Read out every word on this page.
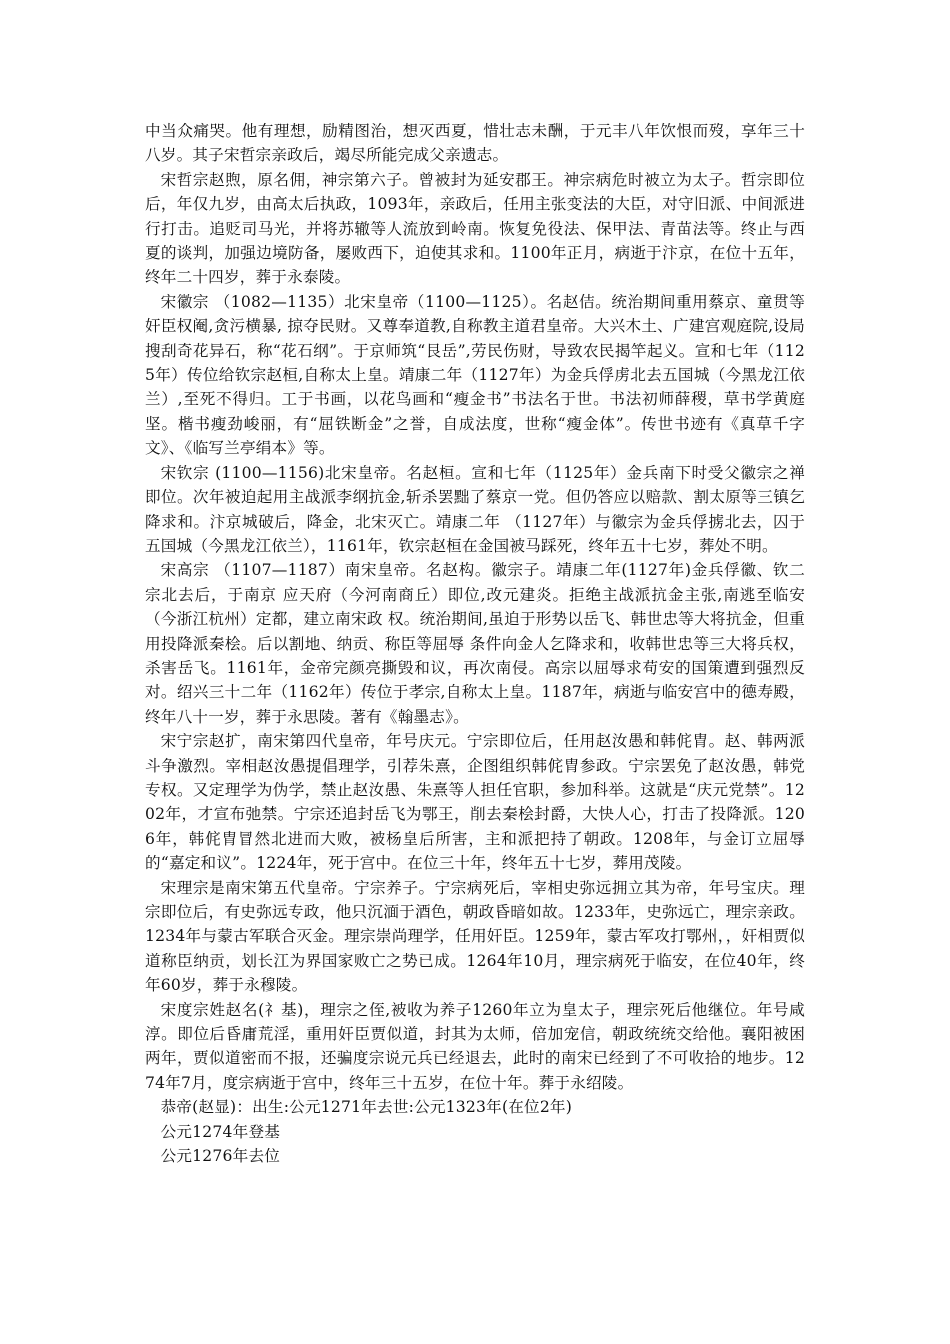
中当众痛哭。他有理想，励精图治，想灭西夏，惜壮志未酬，于元丰八年饮恨而歿，享年三十八岁。其子宋哲宗亲政后，竭尽所能完成父亲遗志。

宋哲宗赵煦，原名佣，神宗第六子。曾被封为延安郡王。神宗病危时被立为太子。哲宗即位后，年仅九岁，由高太后执政，1093年，亲政后，任用主张变法的大臣，对守旧派、中间派进行打击。追贬司马光，并将苏辙等人流放到岭南。恢复免役法、保甲法、青苗法等。终止与西夏的谈判，加强边境防备，屡败西下，迫使其求和。1100年正月，病逝于汴京，在位十五年，终年二十四岁，葬于永泰陵。

宋徽宗 （1082—1135）北宋皇帝（1100—1125）。名赵佶。统治期间重用蔡京、童贯等奸臣权阉,贪污横暴, 掠夺民财。又尊奉道教,自称教主道君皇帝。大兴木土、广建宫观庭院,设局搜刮奇花异石，称“花石纲”。于京师筑“艮岳”,劳民伤财，导致农民揭竿起义。宣和七年（1125年）传位给钦宗赵桓,自称太上皇。靖康二年（1127年）为金兵俘虏北去五国城（今黑龙江依兰）,至死不得归。工于书画，以花鸟画和“瘦金书”书法名于世。书法初师薛稷，草书学黄庭坚。楷书瘦劲峻丽，有“屈铁断金”之誉，自成法度，世称“瘦金体”。传世书迹有《真草千字文》、《临写兰亭绢本》等。

宋钦宗 (1100—1156)北宋皇帝。名赵桓。宣和七年（1125年）金兵南下时受父徽宗之禅即位。次年被迫起用主战派李纲抗金,斩杀罢黜了蔡京一党。但仍答应以赔款、割太原等三镇乞降求和。汴京城破后，降金，北宋灭亡。靖康二年 （1127年）与徽宗为金兵俘掳北去，囚于五国城（今黑龙江依兰），1161年，钦宗赵桓在金国被马踩死，终年五十七岁，葬处不明。

宋高宗 （1107—1187）南宋皇帝。名赵构。徽宗子。靖康二年(1127年)金兵俘徽、钦二宗北去后，于南京 应天府（今河南商丘）即位,改元建炎。拒绝主战派抗金主张,南逃至临安（今浙江杭州）定都，建立南宋政 权。统治期间,虽迫于形势以岳飞、韩世忠等大将抗金，但重用投降派秦桧。后以割地、纳贡、称臣等屈辱 条件向金人乞降求和，收韩世忠等三大将兵权，杀害岳飞。1161年，金帝完颜亮撕毁和议，再次南侵。高宗以屈辱求苟安的国策遭到强烈反对。绍兴三十二年（1162年）传位于孝宗,自称太上皇。1187年，病逝与临安宫中的德寿殿，终年八十一岁，葬于永思陵。著有《翰墨志》。

宋宁宗赵扩，南宋第四代皇帝，年号庆元。宁宗即位后，任用赵汝愚和韩侂胄。赵、韩两派斗争激烈。宰相赵汝愚提倡理学，引荐朱熹，企图组织韩侂胄参政。宁宗罢免了赵汝愚，韩党专权。又定理学为伪学，禁止赵汝愚、朱熹等人担任官职，参加科举。这就是“庆元党禁”。1202年，才宣布弛禁。宁宗还追封岳飞为鄂王，削去秦桧封爵，大快人心，打击了投降派。1206年，韩侂胄冒然北进而大败，被杨皇后所害，主和派把持了朝政。1208年，与金订立屈辱的“嘉定和议”。1224年，死于宫中。在位三十年，终年五十七岁，葬用茂陵。

宋理宗是南宋第五代皇帝。宁宗养子。宁宗病死后，宰相史弥远拥立其为帝，年号宝庆。理宗即位后，有史弥远专政，他只沉湎于酒色，朝政昏暗如故。1233年，史弥远亡，理宗亲政。1234年与蒙古军联合灭金。理宗崇尚理学，任用奸臣。1259年，蒙古军攻打鄂州，，奸相贾似道称臣纳贡，划长江为界国家败亡之势已成。1264年10月，理宗病死于临安，在位40年，终年60岁，葬于永穆陵。

宋度宗姓赵名(礻基)，理宗之侄,被收为养子1260年立为皇太子，理宗死后他继位。年号咸淳。即位后昏庸荒淫，重用奸臣贾似道，封其为太师，倍加宠信，朝政统统交给他。襄阳被困两年，贾似道密而不报，还骗度宗说元兵已经退去，此时的南宋已经到了不可收拾的地步。1274年7月，度宗病逝于宫中，终年三十五岁，在位十年。葬于永绍陵。

恭帝(赵显)：出生:公元1271年去世:公元1323年(在位2年)

公元1274年登基

公元1276年去位
